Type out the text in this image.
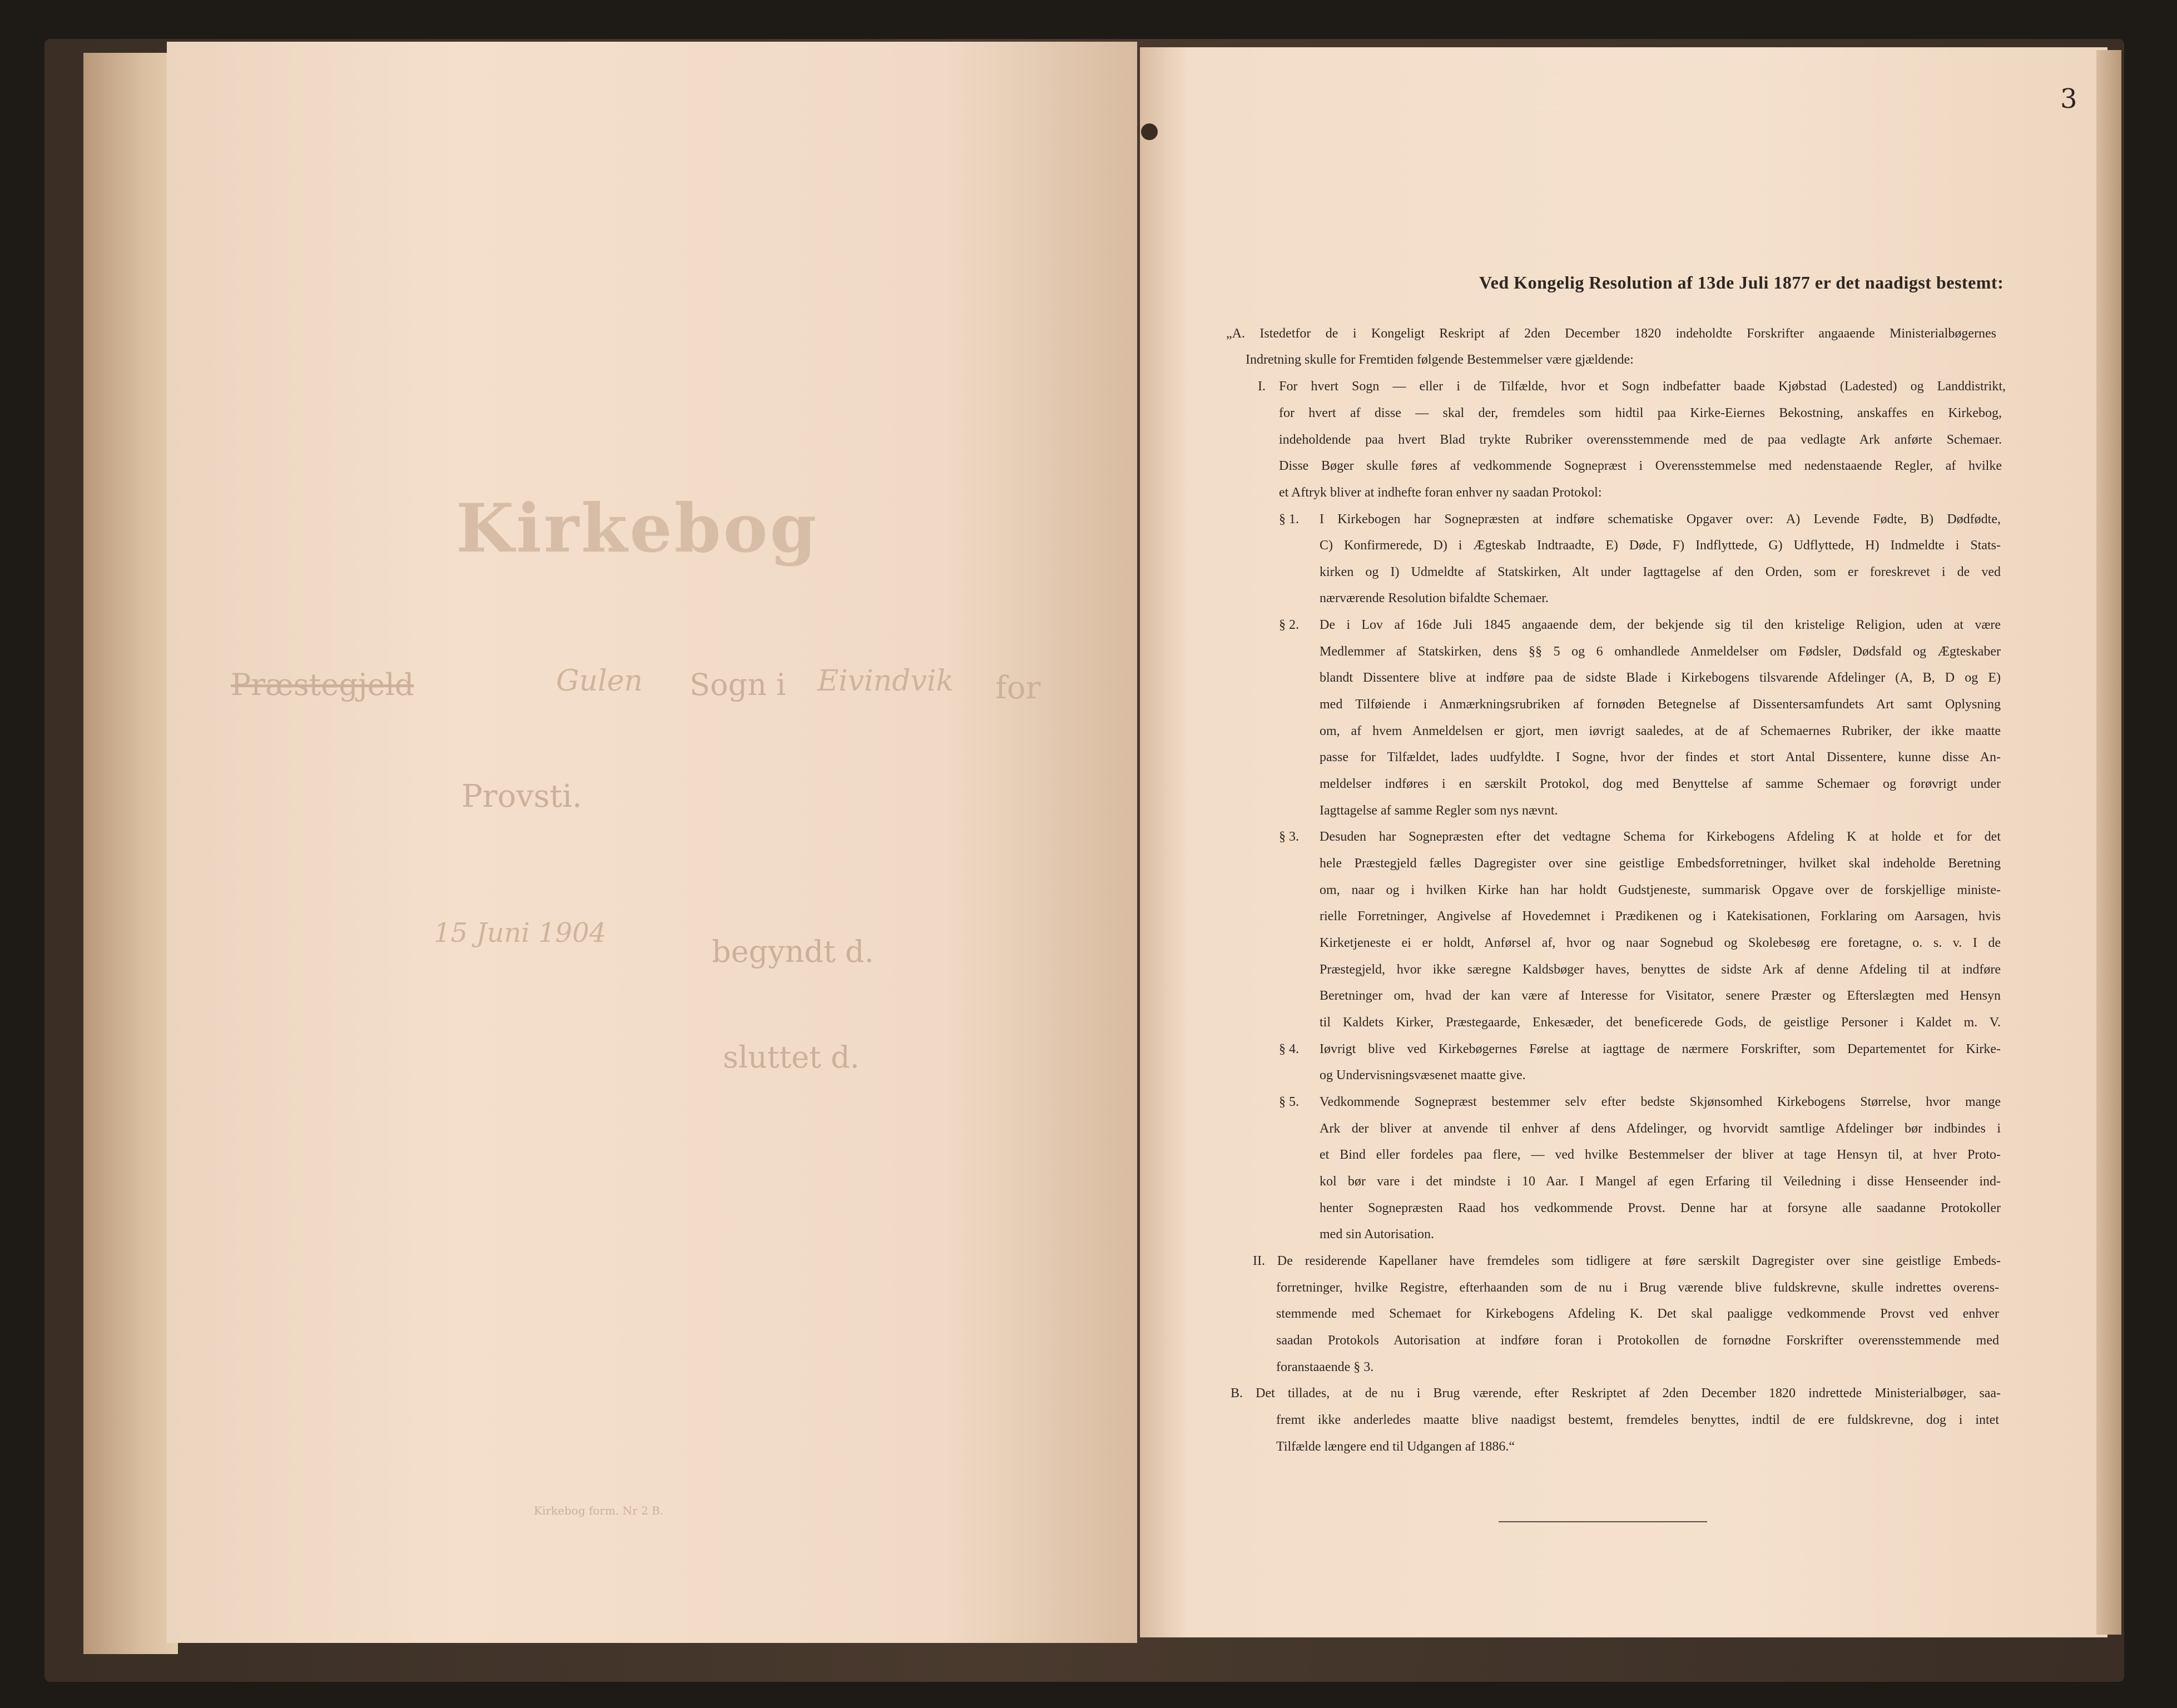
Kirkebog
for
Eivindvik
Sogn i
Gulen
Præstegjeld
Provsti.
begyndt d.
15 Juni 1904
sluttet d.
Kirkebog form. Nr 2 B.
3
Ved Kongelig Resolution af 13de Juli 1877 er det naadigst bestemt:
„A. Istedetfor de i Kongeligt Reskript af 2den December 1820 indeholdte Forskrifter angaaende Ministerialbøgernes
Indretning skulle for Fremtiden følgende Bestemmelser være gjældende:
I. For hvert Sogn — eller i de Tilfælde, hvor et Sogn indbefatter baade Kjøbstad (Ladested) og Landdistrikt,
for hvert af disse — skal der, fremdeles som hidtil paa Kirke-Eiernes Bekostning, anskaffes en Kirkebog,
indeholdende paa hvert Blad trykte Rubriker overensstemmende med de paa vedlagte Ark anførte Schemaer.
Disse Bøger skulle føres af vedkommende Sognepræst i Overensstemmelse med nedenstaaende Regler, af hvilke
et Aftryk bliver at indhefte foran enhver ny saadan Protokol:
§ 1. I Kirkebogen har Sognepræsten at indføre schematiske Opgaver over: A) Levende Fødte, B) Dødfødte,
C) Konfirmerede, D) i Ægteskab Indtraadte, E) Døde, F) Indflyttede, G) Udflyttede, H) Indmeldte i Stats-
kirken og I) Udmeldte af Statskirken, Alt under Iagttagelse af den Orden, som er foreskrevet i de ved
nærværende Resolution bifaldte Schemaer.
§ 2. De i Lov af 16de Juli 1845 angaaende dem, der bekjende sig til den kristelige Religion, uden at være
Medlemmer af Statskirken, dens §§ 5 og 6 omhandlede Anmeldelser om Fødsler, Dødsfald og Ægteskaber
blandt Dissentere blive at indføre paa de sidste Blade i Kirkebogens tilsvarende Afdelinger (A, B, D og E)
med Tilføiende i Anmærkningsrubriken af fornøden Betegnelse af Dissentersamfundets Art samt Oplysning
om, af hvem Anmeldelsen er gjort, men iøvrigt saaledes, at de af Schemaernes Rubriker, der ikke maatte
passe for Tilfældet, lades uudfyldte. I Sogne, hvor der findes et stort Antal Dissentere, kunne disse An-
meldelser indføres i en særskilt Protokol, dog med Benyttelse af samme Schemaer og forøvrigt under
Iagttagelse af samme Regler som nys nævnt.
§ 3. Desuden har Sognepræsten efter det vedtagne Schema for Kirkebogens Afdeling K at holde et for det
hele Præstegjeld fælles Dagregister over sine geistlige Embedsforretninger, hvilket skal indeholde Beretning
om, naar og i hvilken Kirke han har holdt Gudstjeneste, summarisk Opgave over de forskjellige ministe-
rielle Forretninger, Angivelse af Hovedemnet i Prædikenen og i Katekisationen, Forklaring om Aarsagen, hvis
Kirketjeneste ei er holdt, Anførsel af, hvor og naar Sognebud og Skolebesøg ere foretagne, o. s. v. I de
Præstegjeld, hvor ikke særegne Kaldsbøger haves, benyttes de sidste Ark af denne Afdeling til at indføre
Beretninger om, hvad der kan være af Interesse for Visitator, senere Præster og Efterslægten med Hensyn
til Kaldets Kirker, Præstegaarde, Enkesæder, det beneficerede Gods, de geistlige Personer i Kaldet m. V.
§ 4. Iøvrigt blive ved Kirkebøgernes Førelse at iagttage de nærmere Forskrifter, som Departementet for Kirke-
og Undervisningsvæsenet maatte give.
§ 5. Vedkommende Sognepræst bestemmer selv efter bedste Skjønsomhed Kirkebogens Størrelse, hvor mange
Ark der bliver at anvende til enhver af dens Afdelinger, og hvorvidt samtlige Afdelinger bør indbindes i
et Bind eller fordeles paa flere, — ved hvilke Bestemmelser der bliver at tage Hensyn til, at hver Proto-
kol bør vare i det mindste i 10 Aar. I Mangel af egen Erfaring til Veiledning i disse Henseender ind-
henter Sognepræsten Raad hos vedkommende Provst. Denne har at forsyne alle saadanne Protokoller
med sin Autorisation.
II. De residerende Kapellaner have fremdeles som tidligere at føre særskilt Dagregister over sine geistlige Embeds-
forretninger, hvilke Registre, efterhaanden som de nu i Brug værende blive fuldskrevne, skulle indrettes overens-
stemmende med Schemaet for Kirkebogens Afdeling K. Det skal paaligge vedkommende Provst ved enhver
saadan Protokols Autorisation at indføre foran i Protokollen de fornødne Forskrifter overensstemmende med
foranstaaende § 3.
B. Det tillades, at de nu i Brug værende, efter Reskriptet af 2den December 1820 indrettede Ministerialbøger, saa-
fremt ikke anderledes maatte blive naadigst bestemt, fremdeles benyttes, indtil de ere fuldskrevne, dog i intet
Tilfælde længere end til Udgangen af 1886.“
